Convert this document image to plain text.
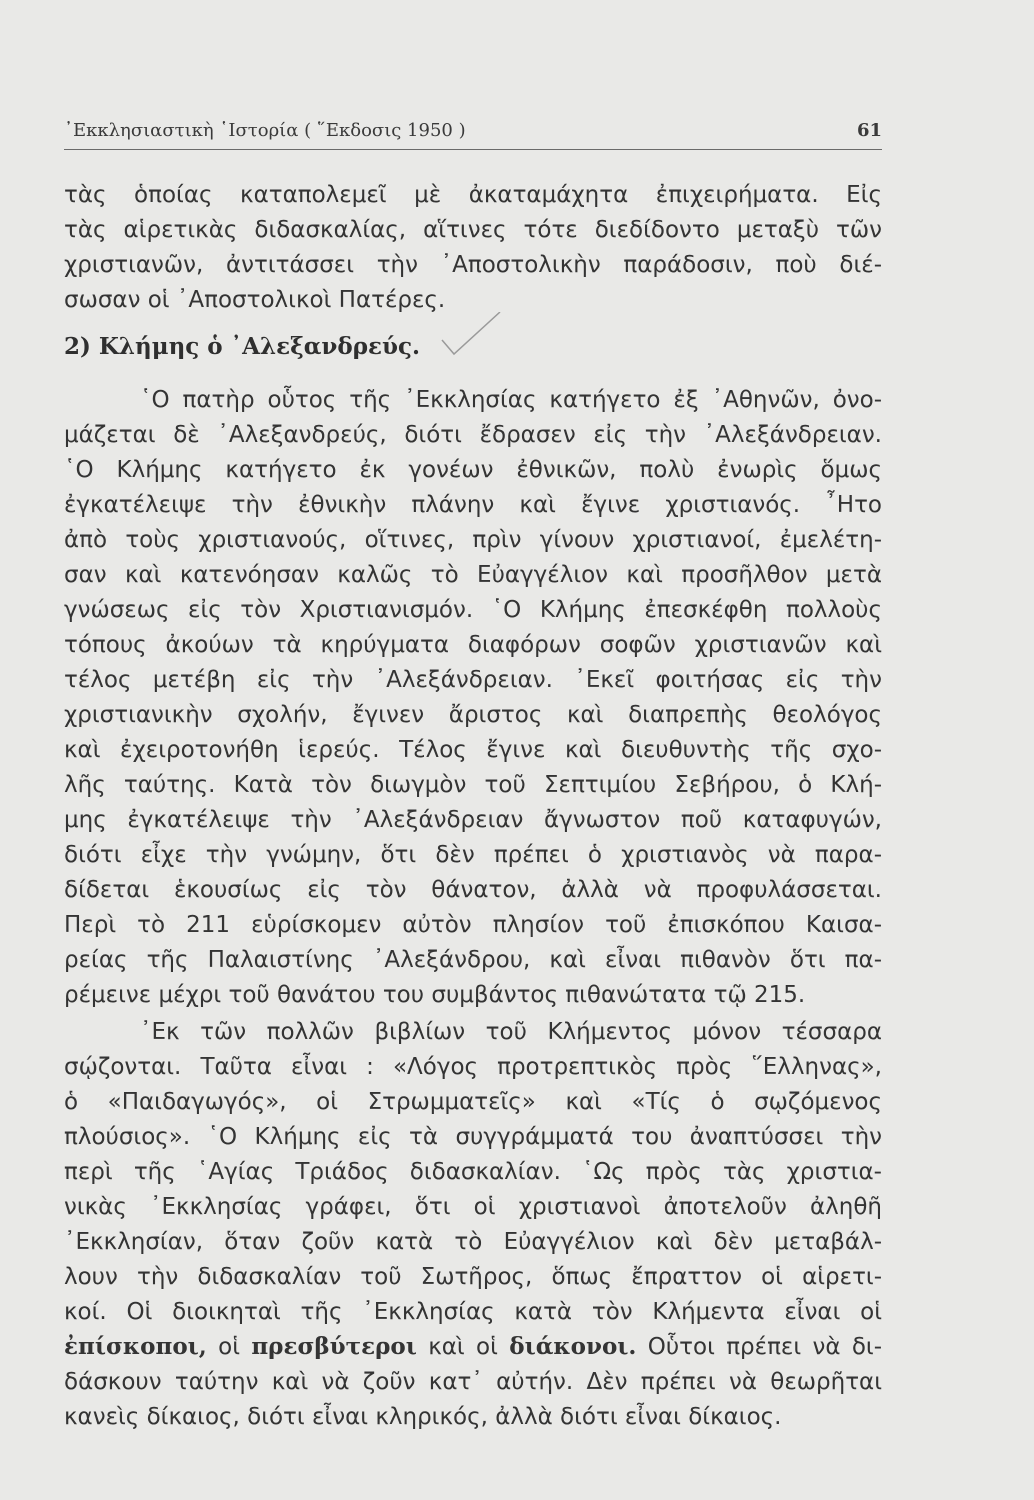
᾿Εκκλησιαστικὴ ῾Ιστορία ( ῞Εκδοσις 1950 )	61
τὰς ὁποίας καταπολεμεῖ μὲ ἀκαταμάχητα ἐπιχειρήματα. Εἰς
τὰς αἱρετικὰς διδασκαλίας, αἵτινες τότε διεδίδοντο μεταξὺ τῶν
χριστιανῶν, ἀντιτάσσει τὴν ᾿Αποστολικὴν παράδοσιν, ποὺ διέ-
σωσαν οἱ ᾿Αποστολικοὶ Πατέρες.
2) Κλήμης ὁ ᾿Αλεξανδρεύς.
῾Ο πατὴρ οὗτος τῆς ᾿Εκκλησίας κατήγετο ἐξ ᾿Αθηνῶν, ὀνο-
μάζεται δὲ ᾿Αλεξανδρεύς, διότι ἔδρασεν εἰς τὴν ᾿Αλεξάνδρειαν.
῾Ο Κλήμης κατήγετο ἐκ γονέων ἐθνικῶν, πολὺ ἐνωρὶς ὅμως
ἐγκατέλειψε τὴν ἐθνικὴν πλάνην καὶ ἔγινε χριστιανός. ῏Ητο
ἀπὸ τοὺς χριστιανούς, οἵτινες, πρὶν γίνουν χριστιανοί, ἐμελέτη-
σαν καὶ κατενόησαν καλῶς τὸ Εὐαγγέλιον καὶ προσῆλθον μετὰ
γνώσεως εἰς τὸν Χριστιανισμόν. ῾Ο Κλήμης ἐπεσκέφθη πολλοὺς
τόπους ἀκούων τὰ κηρύγματα διαφόρων σοφῶν χριστιανῶν καὶ
τέλος μετέβη εἰς τὴν ᾿Αλεξάνδρειαν. ᾿Εκεῖ φοιτήσας εἰς τὴν
χριστιανικὴν σχολήν, ἔγινεν ἄριστος καὶ διαπρεπὴς θεολόγος
καὶ ἐχειροτονήθη ἱερεύς. Τέλος ἔγινε καὶ διευθυντὴς τῆς σχο-
λῆς ταύτης. Κατὰ τὸν διωγμὸν τοῦ Σεπτιμίου Σεβήρου, ὁ Κλή-
μης ἐγκατέλειψε τὴν ᾿Αλεξάνδρειαν ἄγνωστον ποῦ καταφυγών,
διότι εἶχε τὴν γνώμην, ὅτι δὲν πρέπει ὁ χριστιανὸς νὰ παρα-
δίδεται ἑκουσίως εἰς τὸν θάνατον, ἀλλὰ νὰ προφυλάσσεται.
Περὶ τὸ 211 εὑρίσκομεν αὐτὸν πλησίον τοῦ ἐπισκόπου Καισα-
ρείας τῆς Παλαιστίνης ᾿Αλεξάνδρου, καὶ εἶναι πιθανὸν ὅτι πα-
ρέμεινε μέχρι τοῦ θανάτου του συμβάντος πιθανώτατα τῷ 215.
᾿Εκ τῶν πολλῶν βιβλίων τοῦ Κλήμεντος μόνον τέσσαρα
σῴζονται. Ταῦτα εἶναι : «Λόγος προτρεπτικὸς πρὸς ῞Ελληνας»,
ὁ «Παιδαγωγός», οἱ Στρωμματεῖς» καὶ «Τίς ὁ σῳζόμενος
πλούσιος». ῾Ο Κλήμης εἰς τὰ συγγράμματά του ἀναπτύσσει τὴν
περὶ τῆς ῾Αγίας Τριάδος διδασκαλίαν. ῾Ως πρὸς τὰς χριστια-
νικὰς ᾿Εκκλησίας γράφει, ὅτι οἱ χριστιανοὶ ἀποτελοῦν ἀληθῆ
᾿Εκκλησίαν, ὅταν ζοῦν κατὰ τὸ Εὐαγγέλιον καὶ δὲν μεταβάλ-
λουν τὴν διδασκαλίαν τοῦ Σωτῆρος, ὅπως ἔπραττον οἱ αἱρετι-
κοί. Οἱ διοικηταὶ τῆς ᾿Εκκλησίας κατὰ τὸν Κλήμεντα εἶναι οἱ
ἐπίσκοποι, οἱ πρεσβύτεροι καὶ οἱ διάκονοι. Οὗτοι πρέπει νὰ δι-
δάσκουν ταύτην καὶ νὰ ζοῦν κατ᾿ αὐτήν. Δὲν πρέπει νὰ θεωρῆται
κανεὶς δίκαιος, διότι εἶναι κληρικός, ἀλλὰ διότι εἶναι δίκαιος.
